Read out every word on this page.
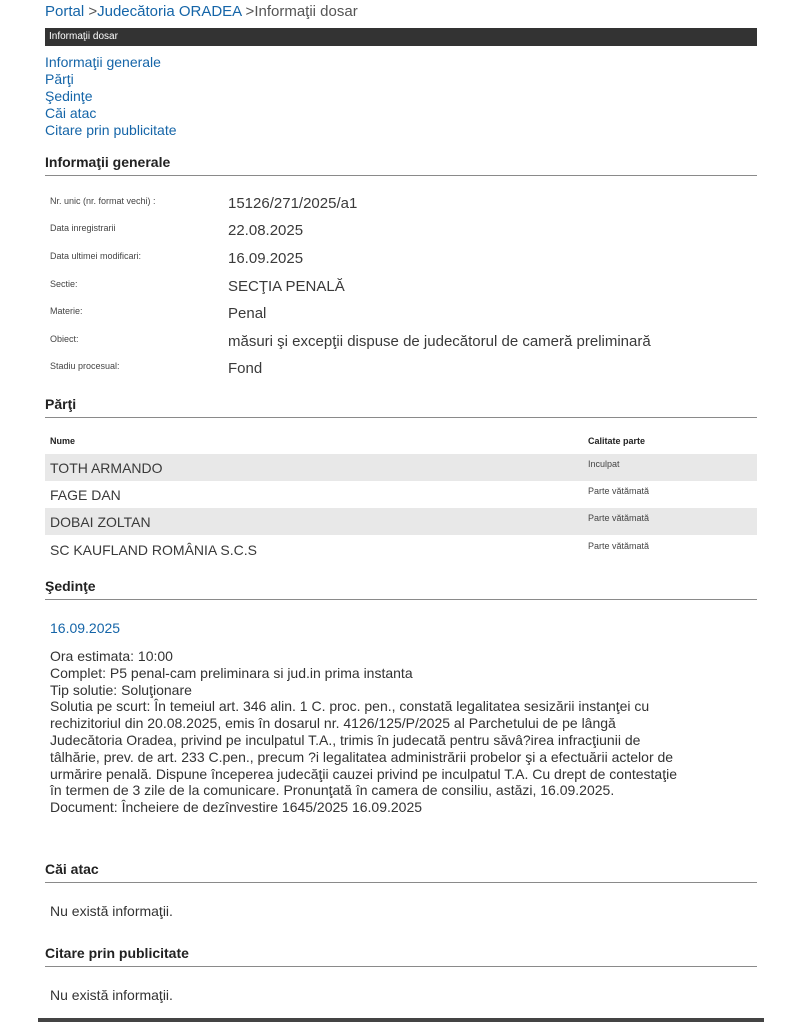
Portal >Judecătoria ORADEA >Informaţii dosar
Informaţii dosar
Informaţii generale
Părţi
Şedinţe
Căi atac
Citare prin publicitate
Informaţii generale
Nr. unic (nr. format vechi) :	15126/271/2025/a1
Data inregistrarii	22.08.2025
Data ultimei modificari:	16.09.2025
Sectie:	SECŢIA PENALĂ
Materie:	Penal
Obiect:	măsuri şi excepţii dispuse de judecătorul de cameră preliminară
Stadiu procesual:	Fond
Părţi
Nume	Calitate parte
TOTH ARMANDO	Inculpat
FAGE DAN	Parte vătămată
DOBAI ZOLTAN	Parte vătămată
SC KAUFLAND ROMÂNIA S.C.S	Parte vătămată
Şedinţe
16.09.2025
Ora estimata: 10:00
Complet: P5 penal-cam preliminara si jud.in prima instanta
Tip solutie: Soluţionare
Solutia pe scurt: În temeiul art. 346 alin. 1 C. proc. pen., constată legalitatea sesizării instanţei cu
rechizitoriul din 20.08.2025, emis în dosarul nr. 4126/125/P/2025 al Parchetului de pe lângă
Judecătoria Oradea, privind pe inculpatul T.A., trimis în judecată pentru săvâ?irea infracţiunii de
tâlhărie, prev. de art. 233 C.pen., precum ?i legalitatea administrării probelor şi a efectuării actelor de
urmărire penală. Dispune începerea judecăţii cauzei privind pe inculpatul T.A. Cu drept de contestaţie
în termen de 3 zile de la comunicare. Pronunţată în camera de consiliu, astăzi, 16.09.2025.
Document: Încheiere de dezînvestire 1645/2025 16.09.2025
Căi atac
Nu există informaţii.
Citare prin publicitate
Nu există informaţii.
